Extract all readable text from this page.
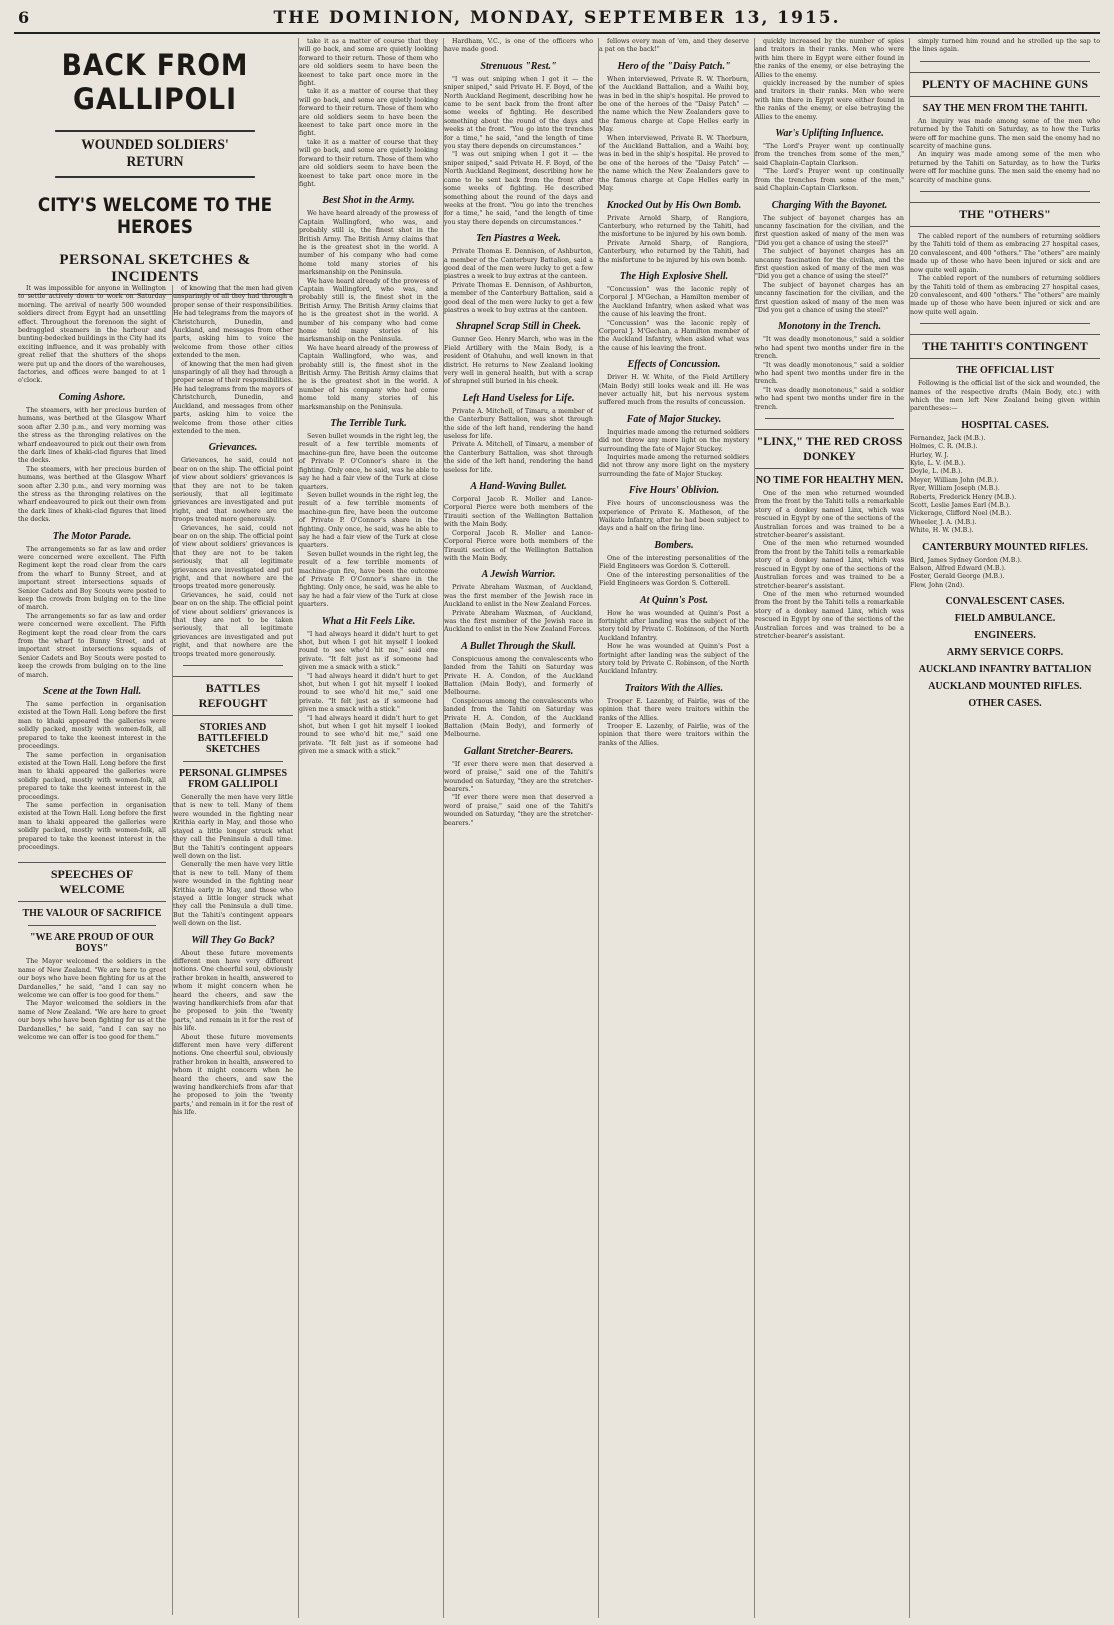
6	THE DOMINION, MONDAY, SEPTEMBER 13, 1915.
BACK FROM GALLIPOLI
WOUNDED SOLDIERS' RETURN
CITY'S WELCOME TO THE HEROES
PERSONAL SKETCHES & INCIDENTS
It was impossible for anyone in Wellington to settle actively down to work on Saturday morning. The arrival of nearly 500 wounded soldiers direct from Egypt had an unsettling effect. Throughout the forenoon the sight of bedraggled steamers in the harbour and bunting-bedecked buildings in the City had its exciting influence, and it was probably with great relief that the shutters of the shops were put up and the doors of the warehouses, factories, and offices were banged to at 1 o'clock.
Coming Ashore.
The steamers, with her precious burden of humans, was berthed at the Glasgow Wharf soon after 2.30 p.m., and very morning was the stress as the thronging relatives on the wharf endeavoured to pick out their own from the dark lines of khaki-clad figures that lined the decks.
The steamers, with her precious burden of humans, was berthed at the Glasgow Wharf soon after 2.30 p.m., and very morning was the stress as the thronging relatives on the wharf endeavoured to pick out their own from the dark lines of khaki-clad figures that lined the decks.
The Motor Parade.
The arrangements so far as law and order were concerned were excellent. The Fifth Regiment kept the road clear from the cars from the wharf to Bunny Street, and at important street intersections squads of Senior Cadets and Boy Scouts were posted to keep the crowds from bulging on to the line of march.
The arrangements so far as law and order were concerned were excellent. The Fifth Regiment kept the road clear from the cars from the wharf to Bunny Street, and at important street intersections squads of Senior Cadets and Boy Scouts were posted to keep the crowds from bulging on to the line of march.
Scene at the Town Hall.
The same perfection in organisation existed at the Town Hall. Long before the first man to khaki appeared the galleries were solidly packed, mostly with women-folk, all prepared to take the keenest interest in the proceedings.
The same perfection in organisation existed at the Town Hall. Long before the first man to khaki appeared the galleries were solidly packed, mostly with women-folk, all prepared to take the keenest interest in the proceedings.
The same perfection in organisation existed at the Town Hall. Long before the first man to khaki appeared the galleries were solidly packed, mostly with women-folk, all prepared to take the keenest interest in the proceedings.
SPEECHES OF WELCOME
THE VALOUR OF SACRIFICE
"WE ARE PROUD OF OUR BOYS"
The Mayor welcomed the soldiers in the name of New Zealand. "We are here to greet our boys who have been fighting for us at the Dardanelles," he said, "and I can say no welcome we can offer is too good for them."
The Mayor welcomed the soldiers in the name of New Zealand. "We are here to greet our boys who have been fighting for us at the Dardanelles," he said, "and I can say no welcome we can offer is too good for them."
of knowing that the men had given unsparingly of all they had through a proper sense of their responsibilities. He had telegrams from the mayors of Christchurch, Dunedin, and Auckland, and messages from other parts, asking him to voice the welcome from those other cities extended to the men.
of knowing that the men had given unsparingly of all they had through a proper sense of their responsibilities. He had telegrams from the mayors of Christchurch, Dunedin, and Auckland, and messages from other parts, asking him to voice the welcome from those other cities extended to the men.
Grievances.
Grievances, he said, could not bear on on the ship. The official point of view about soldiers' grievances is that they are not to be taken seriously, that all legitimate grievances are investigated and put right, and that nowhere are the troops treated more generously.
Grievances, he said, could not bear on on the ship. The official point of view about soldiers' grievances is that they are not to be taken seriously, that all legitimate grievances are investigated and put right, and that nowhere are the troops treated more generously.
Grievances, he said, could not bear on on the ship. The official point of view about soldiers' grievances is that they are not to be taken seriously, that all legitimate grievances are investigated and put right, and that nowhere are the troops treated more generously.
BATTLES REFOUGHT
STORIES AND BATTLEFIELD SKETCHES
PERSONAL GLIMPSES FROM GALLIPOLI
Generally the men have very little that is new to tell. Many of them were wounded in the fighting near Krithia early in May, and those who stayed a little longer struck what they call the Peninsula a dull time. But the Tahiti's contingent appears well down on the list.
Generally the men have very little that is new to tell. Many of them were wounded in the fighting near Krithia early in May, and those who stayed a little longer struck what they call the Peninsula a dull time. But the Tahiti's contingent appears well down on the list.
Will They Go Back?
About these future movements different men have very different notions. One cheerful soul, obviously rather broken in health, answered to whom it might concern when he heard the cheers, and saw the waving handkerchiefs from afar that he proposed to join the 'twenty parts,' and remain in it for the rest of his life.
About these future movements different men have very different notions. One cheerful soul, obviously rather broken in health, answered to whom it might concern when he heard the cheers, and saw the waving handkerchiefs from afar that he proposed to join the 'twenty parts,' and remain in it for the rest of his life.
take it as a matter of course that they will go back, and some are quietly looking forward to their return. Those of them who are old soldiers seem to have been the keenest to take part once more in the fight.
take it as a matter of course that they will go back, and some are quietly looking forward to their return. Those of them who are old soldiers seem to have been the keenest to take part once more in the fight.
take it as a matter of course that they will go back, and some are quietly looking forward to their return. Those of them who are old soldiers seem to have been the keenest to take part once more in the fight.
Best Shot in the Army.
We have heard already of the prowess of Captain Wallingford, who was, and probably still is, the finest shot in the British Army. The British Army claims that he is the greatest shot in the world. A number of his company who had come home told many stories of his marksmanship on the Peninsula.
We have heard already of the prowess of Captain Wallingford, who was, and probably still is, the finest shot in the British Army. The British Army claims that he is the greatest shot in the world. A number of his company who had come home told many stories of his marksmanship on the Peninsula.
We have heard already of the prowess of Captain Wallingford, who was, and probably still is, the finest shot in the British Army. The British Army claims that he is the greatest shot in the world. A number of his company who had come home told many stories of his marksmanship on the Peninsula.
The Terrible Turk.
Seven bullet wounds in the right leg, the result of a few terrible moments of machine-gun fire, have been the outcome of Private P. O'Connor's share in the fighting. Only once, he said, was he able to say he had a fair view of the Turk at close quarters.
Seven bullet wounds in the right leg, the result of a few terrible moments of machine-gun fire, have been the outcome of Private P. O'Connor's share in the fighting. Only once, he said, was he able to say he had a fair view of the Turk at close quarters.
Seven bullet wounds in the right leg, the result of a few terrible moments of machine-gun fire, have been the outcome of Private P. O'Connor's share in the fighting. Only once, he said, was he able to say he had a fair view of the Turk at close quarters.
What a Hit Feels Like.
"I had always heard it didn't hurt to get shot, but when I got hit myself I looked round to see who'd hit me," said one private. "It felt just as if someone had given me a smack with a stick."
"I had always heard it didn't hurt to get shot, but when I got hit myself I looked round to see who'd hit me," said one private. "It felt just as if someone had given me a smack with a stick."
"I had always heard it didn't hurt to get shot, but when I got hit myself I looked round to see who'd hit me," said one private. "It felt just as if someone had given me a smack with a stick."
Hardham, V.C., is one of the officers who have made good.
Strenuous "Rest."
"I was out sniping when I got it — the sniper sniped," said Private H. F. Boyd, of the North Auckland Regiment, describing how he came to be sent back from the front after some weeks of fighting. He described something about the round of the days and weeks at the front. "You go into the trenches for a time," he said, "and the length of time you stay there depends on circumstances."
"I was out sniping when I got it — the sniper sniped," said Private H. F. Boyd, of the North Auckland Regiment, describing how he came to be sent back from the front after some weeks of fighting. He described something about the round of the days and weeks at the front. "You go into the trenches for a time," he said, "and the length of time you stay there depends on circumstances."
Ten Piastres a Week.
Private Thomas E. Dennison, of Ashburton, a member of the Canterbury Battalion, said a good deal of the men were lucky to get a few piastres a week to buy extras at the canteen.
Private Thomas E. Dennison, of Ashburton, a member of the Canterbury Battalion, said a good deal of the men were lucky to get a few piastres a week to buy extras at the canteen.
Shrapnel Scrap Still in Cheek.
Gunner Geo. Henry March, who was in the Field Artillery with the Main Body, is a resident of Otahuhu, and well known in that district. He returns to New Zealand looking very well in general health, but with a scrap of shrapnel still buried in his cheek.
Left Hand Useless for Life.
Private A. Mitchell, of Timaru, a member of the Canterbury Battalion, was shot through the side of the left hand, rendering the hand useless for life.
Private A. Mitchell, of Timaru, a member of the Canterbury Battalion, was shot through the side of the left hand, rendering the hand useless for life.
A Hand-Waving Bullet.
Corporal Jacob R. Moller and Lance-Corporal Pierce were both members of the Tirauiti section of the Wellington Battalion with the Main Body.
Corporal Jacob R. Moller and Lance-Corporal Pierce were both members of the Tirauiti section of the Wellington Battalion with the Main Body.
A Jewish Warrior.
Private Abraham Waxman, of Auckland, was the first member of the Jewish race in Auckland to enlist in the New Zealand Forces.
Private Abraham Waxman, of Auckland, was the first member of the Jewish race in Auckland to enlist in the New Zealand Forces.
A Bullet Through the Skull.
Conspicuous among the convalescents who landed from the Tahiti on Saturday was Private H. A. Condon, of the Auckland Battalion (Main Body), and formerly of Melbourne.
Conspicuous among the convalescents who landed from the Tahiti on Saturday was Private H. A. Condon, of the Auckland Battalion (Main Body), and formerly of Melbourne.
Gallant Stretcher-Bearers.
"If ever there were men that deserved a word of praise," said one of the Tahiti's wounded on Saturday, "they are the stretcher-bearers."
"If ever there were men that deserved a word of praise," said one of the Tahiti's wounded on Saturday, "they are the stretcher-bearers."
fellows every man of 'em, and they deserve a pat on the back!"
Hero of the "Daisy Patch."
When interviewed, Private R. W. Thorburn, of the Auckland Battalion, and a Waihi boy, was in bed in the ship's hospital. He proved to be one of the heroes of the "Daisy Patch" — the name which the New Zealanders gave to the famous charge at Cape Helles early in May.
When interviewed, Private R. W. Thorburn, of the Auckland Battalion, and a Waihi boy, was in bed in the ship's hospital. He proved to be one of the heroes of the "Daisy Patch" — the name which the New Zealanders gave to the famous charge at Cape Helles early in May.
Knocked Out by His Own Bomb.
Private Arnold Sharp, of Rangiora, Canterbury, who returned by the Tahiti, had the misfortune to be injured by his own bomb.
Private Arnold Sharp, of Rangiora, Canterbury, who returned by the Tahiti, had the misfortune to be injured by his own bomb.
The High Explosive Shell.
"Concussion" was the laconic reply of Corporal J. M'Gechan, a Hamilton member of the Auckland Infantry, when asked what was the cause of his leaving the front.
"Concussion" was the laconic reply of Corporal J. M'Gechan, a Hamilton member of the Auckland Infantry, when asked what was the cause of his leaving the front.
Effects of Concussion.
Driver H. W. White, of the Field Artillery (Main Body) still looks weak and ill. He was never actually hit, but his nervous system suffered much from the results of concussion.
Fate of Major Stuckey.
Inquiries made among the returned soldiers did not throw any more light on the mystery surrounding the fate of Major Stuckey.
Inquiries made among the returned soldiers did not throw any more light on the mystery surrounding the fate of Major Stuckey.
Five Hours' Oblivion.
Five hours of unconsciousness was the experience of Private K. Matheson, of the Waikato Infantry, after he had been subject to days and a half on the firing line.
Bombers.
One of the interesting personalities of the Field Engineers was Gordon S. Cotterell.
One of the interesting personalities of the Field Engineers was Gordon S. Cotterell.
At Quinn's Post.
How he was wounded at Quinn's Post a fortnight after landing was the subject of the story told by Private C. Robinson, of the North Auckland Infantry.
How he was wounded at Quinn's Post a fortnight after landing was the subject of the story told by Private C. Robinson, of the North Auckland Infantry.
Traitors With the Allies.
Trooper E. Lazenby, of Fairlie, was of the opinion that there were traitors within the ranks of the Allies.
Trooper E. Lazenby, of Fairlie, was of the opinion that there were traitors within the ranks of the Allies.
quickly increased by the number of spies and traitors in their ranks. Men who were with him there in Egypt were either found in the ranks of the enemy, or else betraying the Allies to the enemy.
quickly increased by the number of spies and traitors in their ranks. Men who were with him there in Egypt were either found in the ranks of the enemy, or else betraying the Allies to the enemy.
War's Uplifting Influence.
"The Lord's Prayer went up continually from the trenches from some of the men," said Chaplain-Captain Clarkson.
"The Lord's Prayer went up continually from the trenches from some of the men," said Chaplain-Captain Clarkson.
Charging With the Bayonet.
The subject of bayonet charges has an uncanny fascination for the civilian, and the first question asked of many of the men was "Did you get a chance of using the steel?"
The subject of bayonet charges has an uncanny fascination for the civilian, and the first question asked of many of the men was "Did you get a chance of using the steel?"
The subject of bayonet charges has an uncanny fascination for the civilian, and the first question asked of many of the men was "Did you get a chance of using the steel?"
Monotony in the Trench.
"It was deadly monotonous," said a soldier who had spent two months under fire in the trench.
"It was deadly monotonous," said a soldier who had spent two months under fire in the trench.
"It was deadly monotonous," said a soldier who had spent two months under fire in the trench.
"LINX," THE RED CROSS DONKEY
NO TIME FOR HEALTHY MEN.
One of the men who returned wounded from the front by the Tahiti tells a remarkable story of a donkey named Linx, which was rescued in Egypt by one of the sections of the Australian forces and was trained to be a stretcher-bearer's assistant.
One of the men who returned wounded from the front by the Tahiti tells a remarkable story of a donkey named Linx, which was rescued in Egypt by one of the sections of the Australian forces and was trained to be a stretcher-bearer's assistant.
One of the men who returned wounded from the front by the Tahiti tells a remarkable story of a donkey named Linx, which was rescued in Egypt by one of the sections of the Australian forces and was trained to be a stretcher-bearer's assistant.
simply turned him round and he strolled up the sap to the lines again.
PLENTY OF MACHINE GUNS
SAY THE MEN FROM THE TAHITI.
An inquiry was made among some of the men who returned by the Tahiti on Saturday, as to how the Turks were off for machine guns. The men said the enemy had no scarcity of machine guns.
An inquiry was made among some of the men who returned by the Tahiti on Saturday, as to how the Turks were off for machine guns. The men said the enemy had no scarcity of machine guns.
THE "OTHERS"
The cabled report of the numbers of returning soldiers by the Tahiti told of them as embracing 27 hospital cases, 20 convalescent, and 400 "others." The "others" are mainly made up of those who have been injured or sick and are now quite well again.
The cabled report of the numbers of returning soldiers by the Tahiti told of them as embracing 27 hospital cases, 20 convalescent, and 400 "others." The "others" are mainly made up of those who have been injured or sick and are now quite well again.
THE TAHITI'S CONTINGENT
THE OFFICIAL LIST
Following is the official list of the sick and wounded, the names of the respective drafts (Main Body, etc.) with which the men left New Zealand being given within parentheses:—
HOSPITAL CASES.
Fernandez, Jack (M.B.).
Holmes, C. R. (M.B.).
Hurley, W. J.
Kyle, L. V. (M.B.).
Doyle, L. (M.B.).
Meyer, William John (M.B.).
Ryer, William Joseph (M.B.).
Roberts, Frederick Henry (M.B.).
Scott, Leslie James Earl (M.B.).
Vickerage, Clifford Noel (M.B.).
Wheeler, J. A. (M.B.).
White, H. W. (M.B.).
CANTERBURY MOUNTED RIFLES.
Bird, James Sydney Gordon (M.B.).
Ealson, Alfred Edward (M.B.).
Foster, Gerald George (M.B.).
Flew, John (2nd).
CONVALESCENT CASES.
FIELD AMBULANCE.
ENGINEERS.
ARMY SERVICE CORPS.
AUCKLAND INFANTRY BATTALION
AUCKLAND MOUNTED RIFLES.
OTHER CASES.
